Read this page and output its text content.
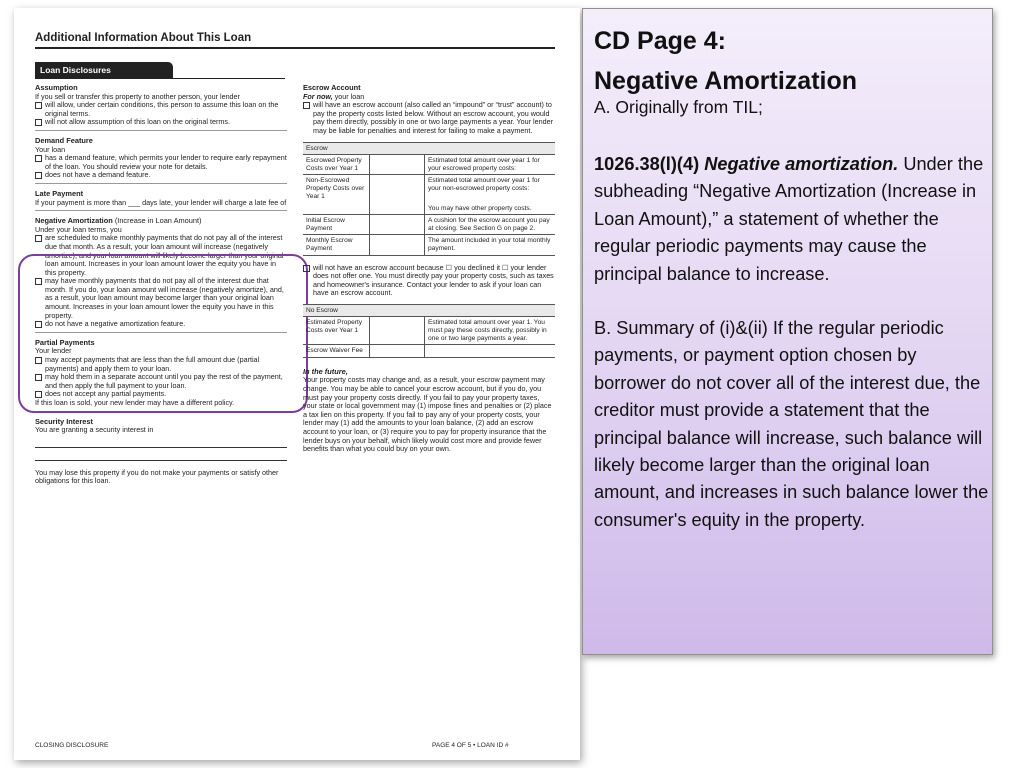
Additional Information About This Loan
Loan Disclosures
Assumption
If you sell or transfer this property to another person, your lender
will allow, under certain conditions, this person to assume this loan on the original terms.
will not allow assumption of this loan on the original terms.
Demand Feature
Your loan
has a demand feature, which permits your lender to require early repayment of the loan. You should review your note for details.
does not have a demand feature.
Late Payment
If your payment is more than ___ days late, your lender will charge a late fee of
Negative Amortization (Increase in Loan Amount)
Under your loan terms, you
are scheduled to make monthly payments that do not pay all of the interest due that month. As a result, your loan amount will increase (negatively amortize), and your loan amount will likely become larger than your original loan amount. Increases in your loan amount lower the equity you have in this property.
may have monthly payments that do not pay all of the interest due that month. If you do, your loan amount will increase (negatively amortize), and, as a result, your loan amount may become larger than your original loan amount. Increases in your loan amount lower the equity you have in this property.
do not have a negative amortization feature.
Partial Payments
Your lender
may accept payments that are less than the full amount due (partial payments) and apply them to your loan.
may hold them in a separate account until you pay the rest of the payment, and then apply the full payment to your loan.
does not accept any partial payments.
If this loan is sold, your new lender may have a different policy.
Security Interest
You are granting a security interest in
You may lose this property if you do not make your payments or satisfy other obligations for this loan.
Escrow Account
For now, your loan
will have an escrow account (also called an “impound” or “trust” account) to pay the property costs listed below. Without an escrow account, you would pay them directly, possibly in one or two large payments a year. Your lender may be liable for penalties and interest for failing to make a payment.
Escrow		
Escrowed Property Costs over Year 1		Estimated total amount over year 1 for your escrowed property costs:
Non-Escrowed Property Costs over Year 1		Estimated total amount over year 1 for your non-escrowed property costs:
You may have other property costs.

Initial Escrow Payment		A cushion for the escrow account you pay at closing. See Section G on page 2.
Monthly Escrow Payment		The amount included in your total monthly payment.
will not have an escrow account because ☐ you declined it ☐ your lender does not offer one. You must directly pay your property costs, such as taxes and homeowner's insurance. Contact your lender to ask if your loan can have an escrow account.
No Escrow		
Estimated Property Costs over Year 1		Estimated total amount over year 1. You must pay these costs directly, possibly in one or two large payments a year.
Escrow Waiver Fee		
In the future,
Your property costs may change and, as a result, your escrow payment may change. You may be able to cancel your escrow account, but if you do, you must pay your property costs directly. If you fail to pay your property taxes, your state or local government may (1) impose fines and penalties or (2) place a tax lien on this property. If you fail to pay any of your property costs, your lender may (1) add the amounts to your loan balance, (2) add an escrow account to your loan, or (3) require you to pay for property insurance that the lender buys on your behalf, which likely would cost more and provide fewer benefits than what you could buy on your own.
CLOSING DISCLOSURE	PAGE 4 OF 5 • LOAN ID #
CD Page 4:
Negative Amortization
A. Originally from TIL;
1026.38(l)(4) Negative amortization. Under the subheading “Negative Amortization (Increase in Loan Amount),” a statement of whether the regular periodic payments may cause the principal balance to increase.
B. Summary of (i)&(ii) If the regular periodic payments, or payment option chosen by borrower do not cover all of the interest due, the creditor must provide a statement that the principal balance will increase, such balance will likely become larger than the original loan amount, and increases in such balance lower the consumer's equity in the property.
